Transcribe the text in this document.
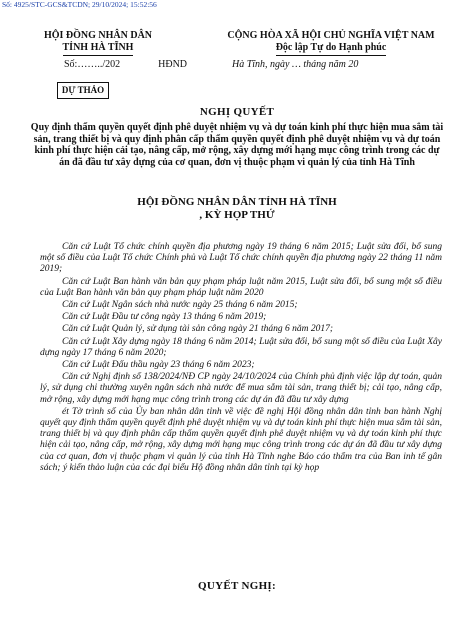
Số: 4925/STC-GCS&TCDN; 29/10/2024; 15:52:56
HỘI ĐỒNG NHÂN DÂN
TỈNH HÀ TĨNH
CỘNG HÒA XÃ HỘI CHỦ NGHĨA VIỆT NAM
Độc lập Tự do Hạnh phúc
Số:……../202	HĐND	Hà Tĩnh, ngày … tháng năm 20
DỰ THẢO
NGHỊ QUYẾT
Quy định thẩm quyền quyết định phê duyệt nhiệm vụ và dự toán kinh phí thực hiện mua sắm tài sản, trang thiết bị và quy định phân cấp thẩm quyền quyết định phê duyệt nhiệm vụ và dự toán kinh phí thực hiện cải tạo, nâng cấp, mở rộng, xây dựng mới hạng mục công trình trong các dự án đã đầu tư xây dựng của cơ quan, đơn vị thuộc phạm vi quản lý của tỉnh Hà Tĩnh
HỘI ĐỒNG NHÂN DÂN TỈNH HÀ TĨNH
, KỲ HỌP THỨ

Căn cứ Luật Tổ chức chính quyền địa phương ngày 19 tháng 6 năm 2015; Luật sửa đổi, bổ sung một số điều của Luật Tổ chức Chính phủ và Luật Tổ chức chính quyền địa phương ngày 22 tháng 11 năm 2019;

Căn cứ Luật Ban hành văn bản quy phạm pháp luật năm 2015, Luật sửa đổi, bổ sung một số điều của Luật Ban hành văn bản quy phạm pháp luật năm 2020

Căn cứ Luật Ngân sách nhà nước ngày 25 tháng 6 năm 2015;

Căn cứ Luật Đầu tư công ngày 13 tháng 6 năm 2019;

Căn cứ Luật Quản lý, sử dụng tài sản công ngày 21 tháng 6 năm 2017;

Căn cứ Luật Xây dựng ngày 18 tháng 6 năm 2014; Luật sửa đổi, bổ sung một số điều của Luật Xây dựng ngày 17 tháng 6 năm 2020;

Căn cứ Luật Đấu thầu ngày 23 tháng 6 năm 2023;

Căn cứ Nghị định số 138/2024/NĐ CP ngày 24/10/2024 của Chính phủ định việc lập dự toán, quản lý, sử dụng chi thường xuyên ngân sách nhà nước để mua sắm tài sản, trang thiết bị; cải tạo, nâng cấp, mở rộng, xây dựng mới hạng mục công trình trong các dự án đã đầu tư xây dựng

ét Tờ trình số của Ủy ban nhân dân tỉnh về việc đề nghị Hội đồng nhân dân tỉnh ban hành Nghị quyết quy định thẩm quyền quyết định phê duyệt nhiệm vụ và dự toán kinh phí thực hiện mua sắm tài sản, trang thiết bị và quy định phân cấp thẩm quyền quyết định phê duyệt nhiệm vụ và dự toán kinh phí thực hiện cải tạo, nâng cấp, mở rộng, xây dựng mới hạng mục công trình trong các dự án đã đầu tư xây dựng của cơ quan, đơn vị thuộc phạm vi quản lý của tỉnh Hà Tĩnh nghe Báo cáo thẩm tra của Ban inh tế gân sách; ý kiến thảo luận của các đại biểu Hộ đồng nhân dân tỉnh tại kỳ họp

QUYẾT NGHỊ:
